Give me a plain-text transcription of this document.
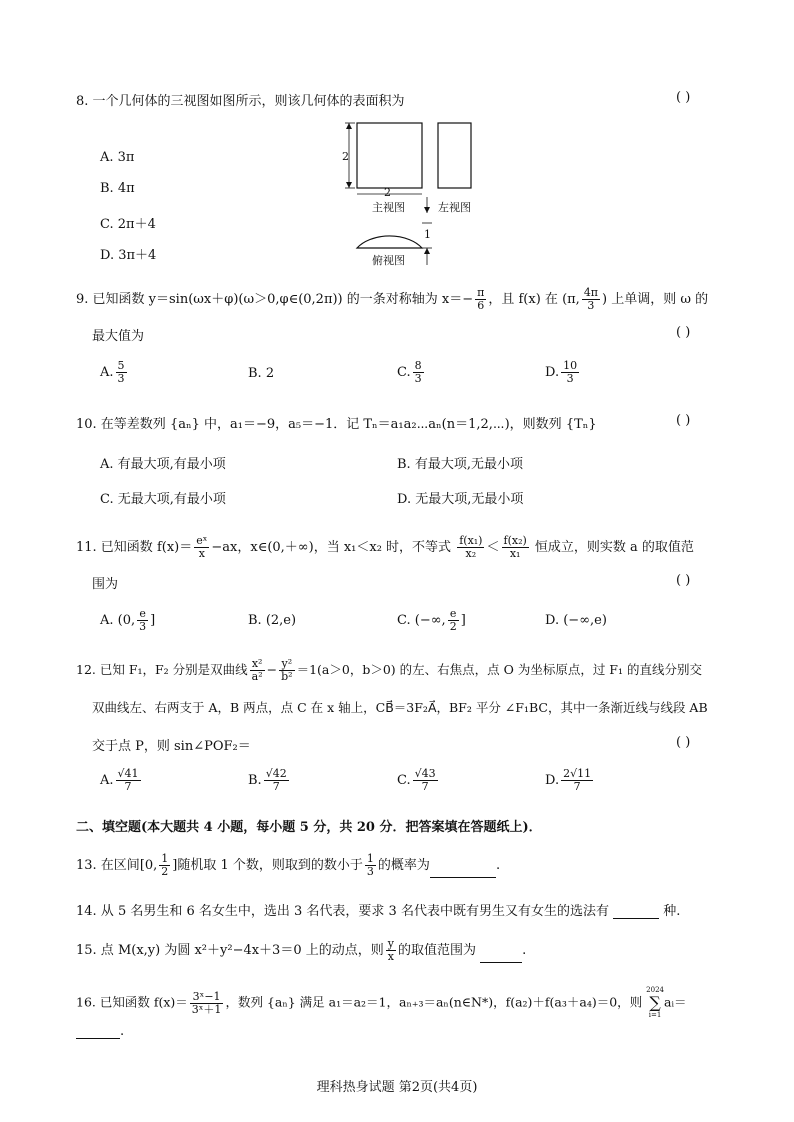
8. 一个几何体的三视图如图所示，则该几何体的表面积为	( )
A. 3π
B. 4π
C. 2π＋4
D. 3π＋4
2
2
主视图	左视图
1
俯视图
9. 已知函数 y＝sin(ωx＋φ)(ω＞0,φ∈(0,2π)) 的一条对称轴为 $x=- \frac{\pi}{6}$ ，且 f(x) 在 (π, $\frac{4\pi}{3}$ ) 上单调，则 ω 的
最大值为	( )
A. $\frac{5}{3}$	B. 2	C. $\frac{8}{3}$	D. $\frac{10}{3}$
10. 在等差数列 {aₙ} 中，a₁＝−9，a₅＝−1．记 Tₙ＝a₁a₂⋯aₙ(n＝1,2,⋯)，则数列 {Tₙ}	( )
A. 有最大项,有最小项	B. 有最大项,无最小项
C. 无最大项,有最小项	D. 无最大项,无最小项
11. 已知函数 $f(x)= \frac{\text{eˣ}}{x} -ax$，x∈(0,＋∞)，当 x₁＜x₂ 时，不等式 $\frac{\text{f(x₁)}}{\text{x₂}} < \frac{\text{f(x₂)}}{\text{x₁}}$ 恒成立，则实数 a 的取值范
围为	( )
A. (0, $\frac{e}{3}$ ]	B. (2,e)	C. (−∞, $\frac{e}{2}$ ]	D. (−∞,e)
12. 已知 F₁，F₂ 分别是双曲线 $\frac{\text{x²}}{\text{a²}} - \frac{\text{y²}}{\text{b²}} =1(a>0$，b＞0) 的左、右焦点，点 O 为坐标原点，过 F₁ 的直线分别交
双曲线左、右两支于 A，B 两点，点 C 在 x 轴上，CB⃗＝3F₂A⃗，BF₂ 平分 ∠F₁BC，其中一条渐近线与线段 AB
交于点 P，则 sin∠POF₂＝	( )
A. $\frac{√41}{7}$	B. $\frac{√42}{7}$	C. $\frac{√43}{7}$	D. $\frac{2√11}{7}$
二、填空题(本大题共 4 小题，每小题 5 分，共 20 分．把答案填在答题纸上)．
13. 在区间[0, $\frac{1}{2}$ ]随机取 1 个数，则取到的数小于 $\frac{1}{3}$ 的概率为	.
14. 从 5 名男生和 6 名女生中，选出 3 名代表，要求 3 名代表中既有男生又有女生的选法有	种.
15. 点 M(x,y) 为圆 x²＋y²−4x＋3＝0 上的动点，则 $\frac{y}{x}$ 的取值范围为	.
16. 已知函数 $f(x)= \frac{\text{3ˣ−1}}{\text{3ˣ＋1}}$ ，数列 {aₙ} 满足 a₁＝a₂＝1，aₙ₊₃＝aₙ(n∈N*)，f(a₂)＋f(a₃＋a₄)＝0，则
2024
∑
i=1
aᵢ＝
.
理科热身试题 第2页(共4页)
